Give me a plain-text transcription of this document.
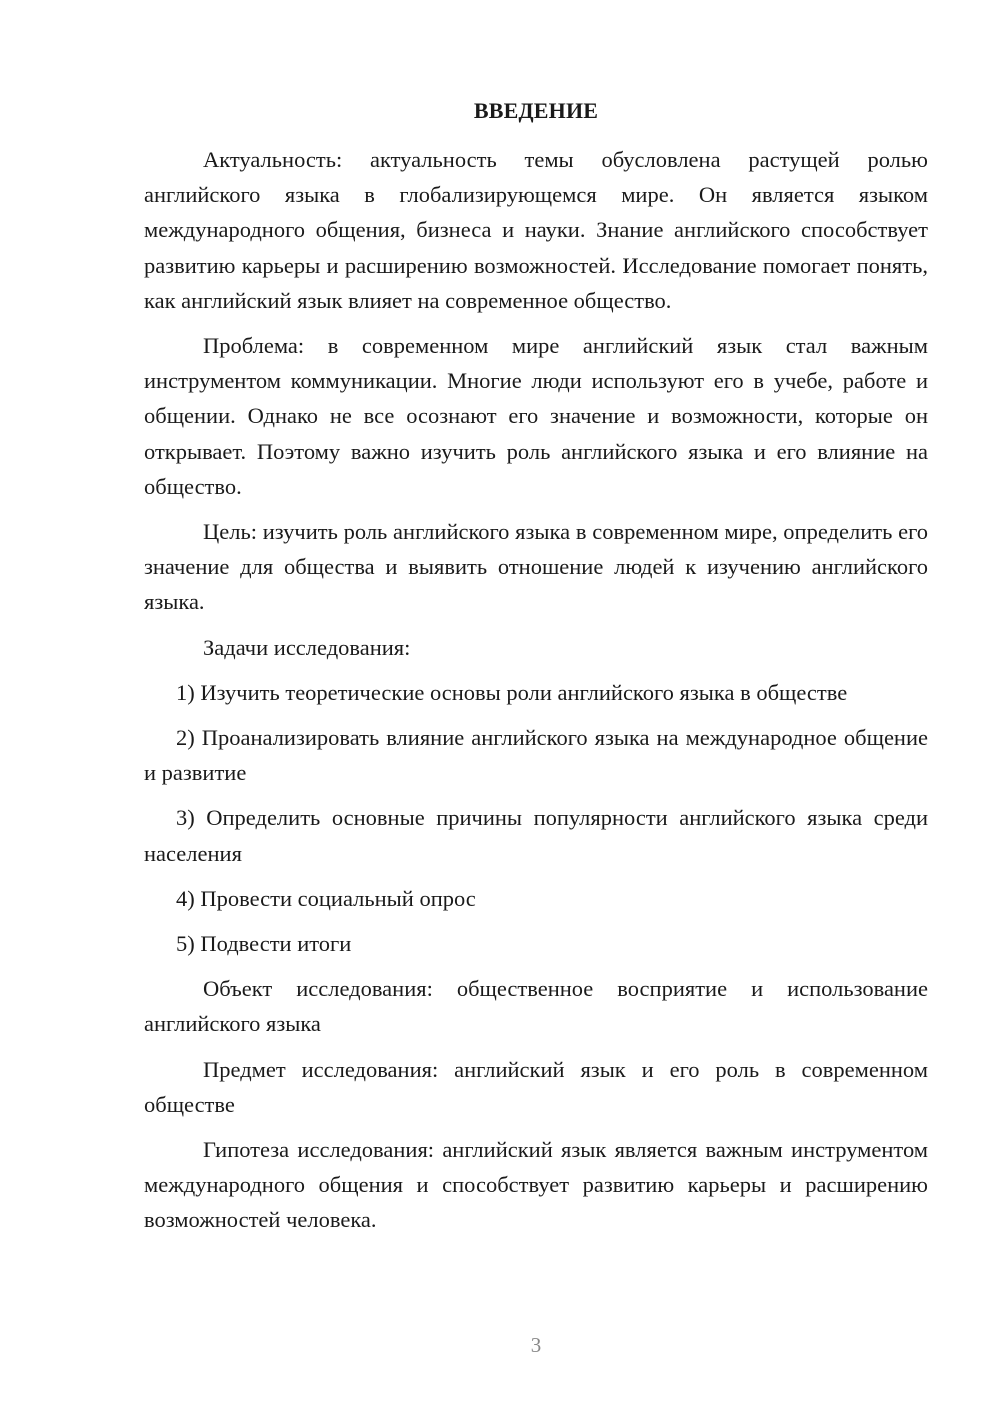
ВВЕДЕНИЕ

Актуальность: актуальность темы обусловлена растущей ролью английского языка в глобализирующемся мире. Он является языком международного общения, бизнеса и науки. Знание английского способствует развитию карьеры и расширению возможностей. Исследование помогает понять, как английский язык влияет на современное общество.

Проблема: в современном мире английский язык стал важным инструментом коммуникации. Многие люди используют его в учебе, работе и общении. Однако не все осознают его значение и возможности, которые он открывает. Поэтому важно изучить роль английского языка и его влияние на общество.

Цель: изучить роль английского языка в современном мире, определить его значение для общества и выявить отношение людей к изучению английского языка.

Задачи исследования:

1) Изучить теоретические основы роли английского языка в обществе

2) Проанализировать влияние английского языка на международное общение и развитие

3) Определить основные причины популярности английского языка среди населения

4) Провести социальный опрос

5) Подвести итоги

Объект исследования: общественное восприятие и использование английского языка

Предмет исследования: английский язык и его роль в современном обществе

Гипотеза исследования: английский язык является важным инструментом международного общения и способствует развитию карьеры и расширению возможностей человека.

3
